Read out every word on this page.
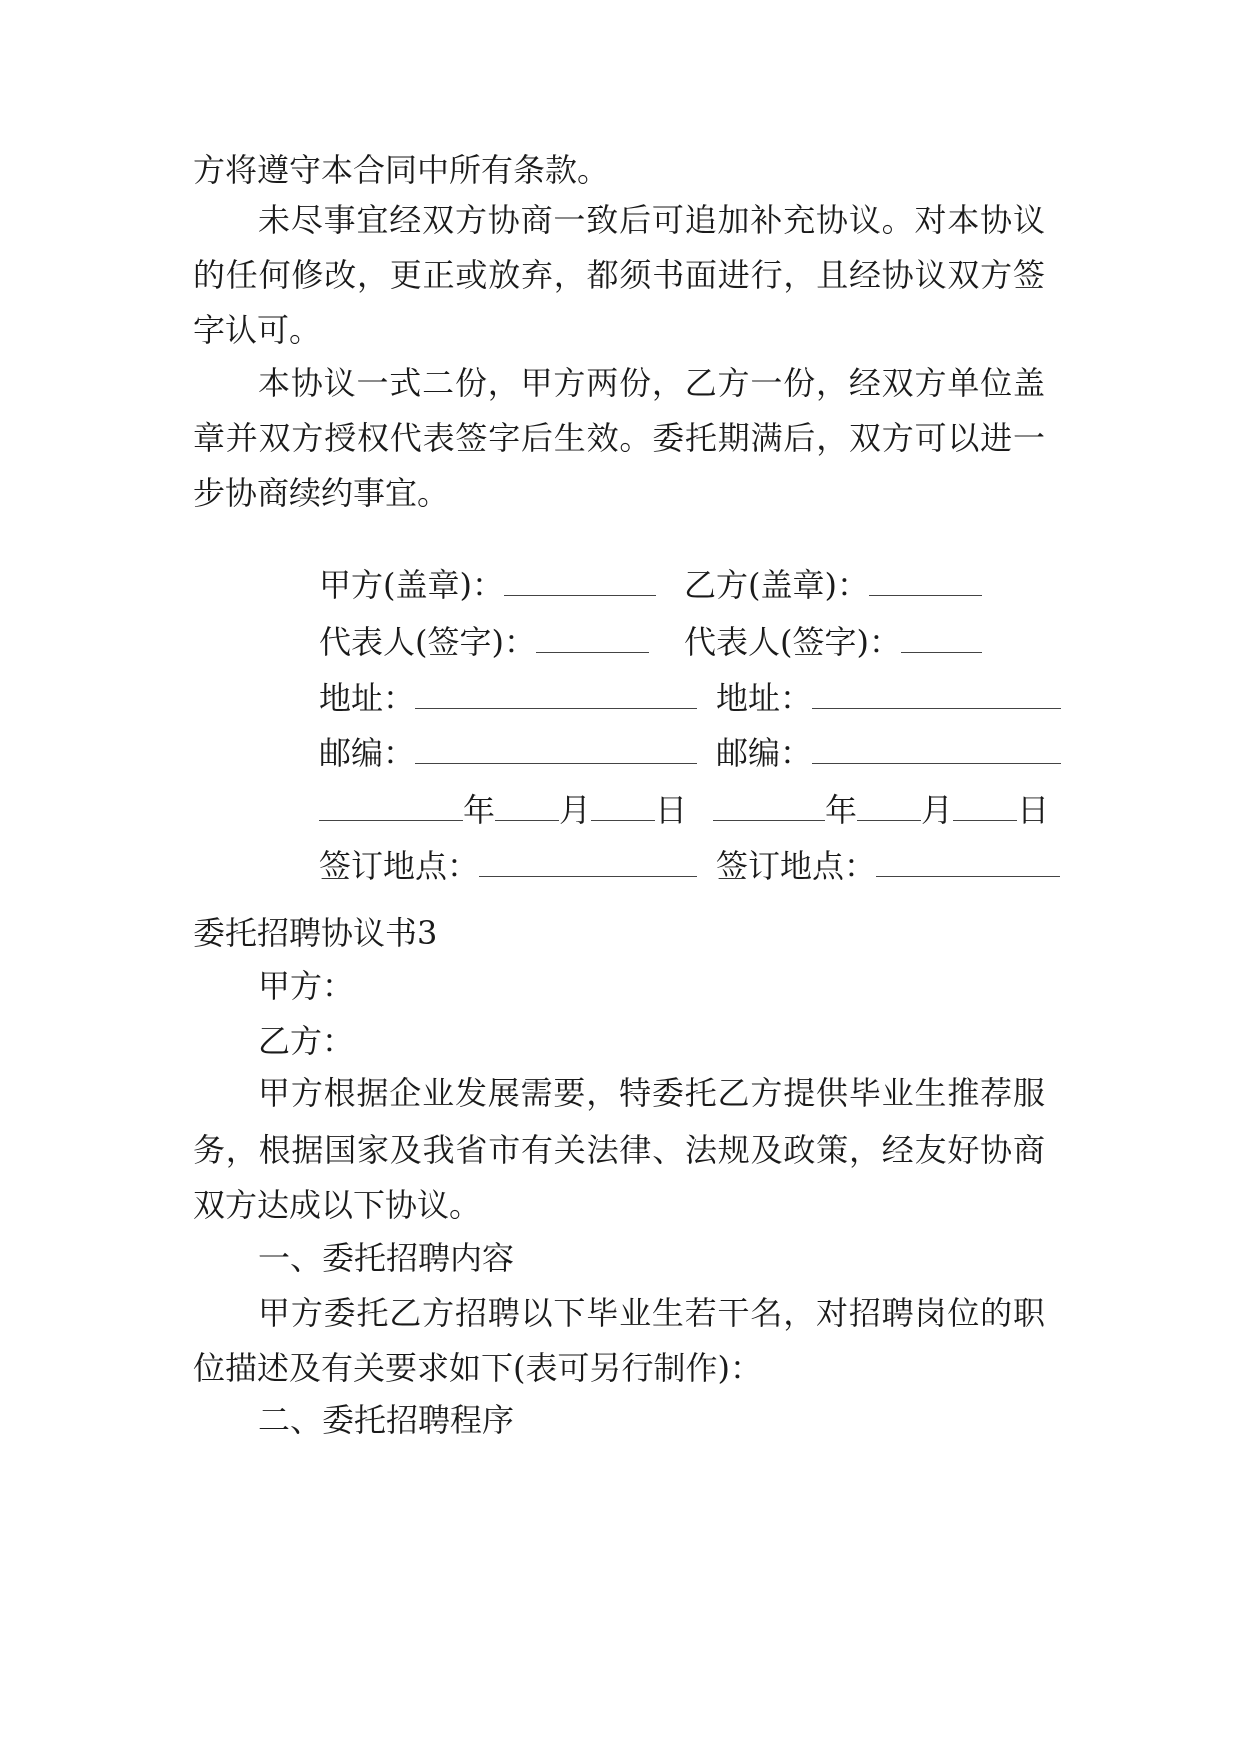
方将遵守本合同中所有条款。
未尽事宜经双方协商一致后可追加补充协议。对本协议
的任何修改，更正或放弃，都须书面进行，且经协议双方签
字认可。
本协议一式二份，甲方两份，乙方一份，经双方单位盖
章并双方授权代表签字后生效。委托期满后，双方可以进一
步协商续约事宜。

甲方(盖章)：
	乙方(盖章)：

代表人(签字)：
	代表人(签字)：

地址：
	地址：

邮编：
	邮编：

年 月 日
	年 月 日

签订地点：
	签订地点：

委托招聘协议书3
甲方：
乙方：
甲方根据企业发展需要，特委托乙方提供毕业生推荐服
务，根据国家及我省市有关法律、法规及政策，经友好协商
双方达成以下协议。
一、委托招聘内容
甲方委托乙方招聘以下毕业生若干名，对招聘岗位的职
位描述及有关要求如下(表可另行制作)：
二、委托招聘程序
